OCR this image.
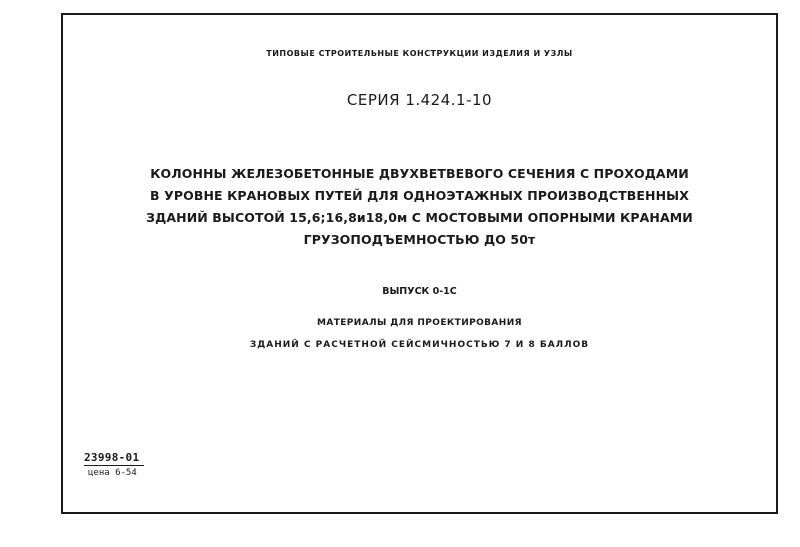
ТИПОВЫЕ СТРОИТЕЛЬНЫЕ КОНСТРУКЦИИ ИЗДЕЛИЯ И УЗЛЫ
СЕРИЯ 1.424.1-10
КОЛОННЫ ЖЕЛЕЗОБЕТОННЫЕ ДВУХВЕТВЕВОГО СЕЧЕНИЯ С ПРОХОДАМИ
В УРОВНЕ КРАНОВЫХ ПУТЕЙ ДЛЯ ОДНОЭТАЖНЫХ ПРОИЗВОДСТВЕННЫХ
ЗДАНИЙ ВЫСОТОЙ 15,6;16,8и18,0м С МОСТОВЫМИ ОПОРНЫМИ КРАНАМИ
ГРУЗОПОДЪЕМНОСТЬЮ ДО 50т
ВЫПУСК 0-1С
МАТЕРИАЛЫ ДЛЯ ПРОЕКТИРОВАНИЯ
ЗДАНИЙ С РАСЧЕТНОЙ СЕЙСМИЧНОСТЬЮ 7 И 8 БАЛЛОВ
23998-01
цена 6-54
